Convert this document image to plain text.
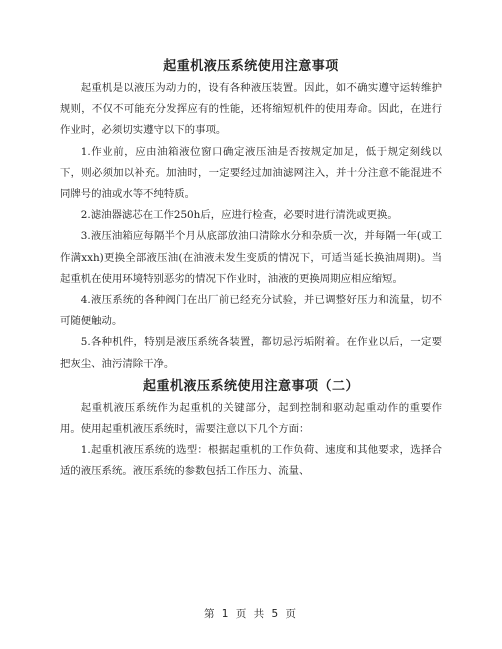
起重机液压系统使用注意事项

起重机是以液压为动力的，设有各种液压装置。因此，如不确实遵守运转维护规则，不仅不可能充分发挥应有的性能，还将缩短机件的使用寿命。因此，在进行作业时，必须切实遵守以下的事项。

1.作业前，应由油箱液位窗口确定液压油是否按规定加足，低于规定刻线以下，则必须加以补充。加油时，一定要经过加油滤网注入，并十分注意不能混进不同牌号的油或水等不纯特质。

2.滤油器滤芯在工作250h后，应进行检查，必要时进行清洗或更换。

3.液压油箱应每隔半个月从底部放油口清除水分和杂质一次，并每隔一年(或工作满xxh)更换全部液压油(在油液未发生变质的情况下，可适当延长换油周期)。当起重机在使用环境特别恶劣的情况下作业时，油液的更换周期应相应缩短。

4.液压系统的各种阀门在出厂前已经充分试验，并已调整好压力和流量，切不可随便触动。

5.各种机件，特别是液压系统各装置，都切忌污垢附着。在作业以后，一定要把灰尘、油污清除干净。

起重机液压系统使用注意事项（二）

起重机液压系统作为起重机的关键部分，起到控制和驱动起重动作的重要作用。使用起重机液压系统时，需要注意以下几个方面：

1.起重机液压系统的选型：根据起重机的工作负荷、速度和其他要求，选择合适的液压系统。液压系统的参数包括工作压力、流量、

第 1 页 共 5 页
